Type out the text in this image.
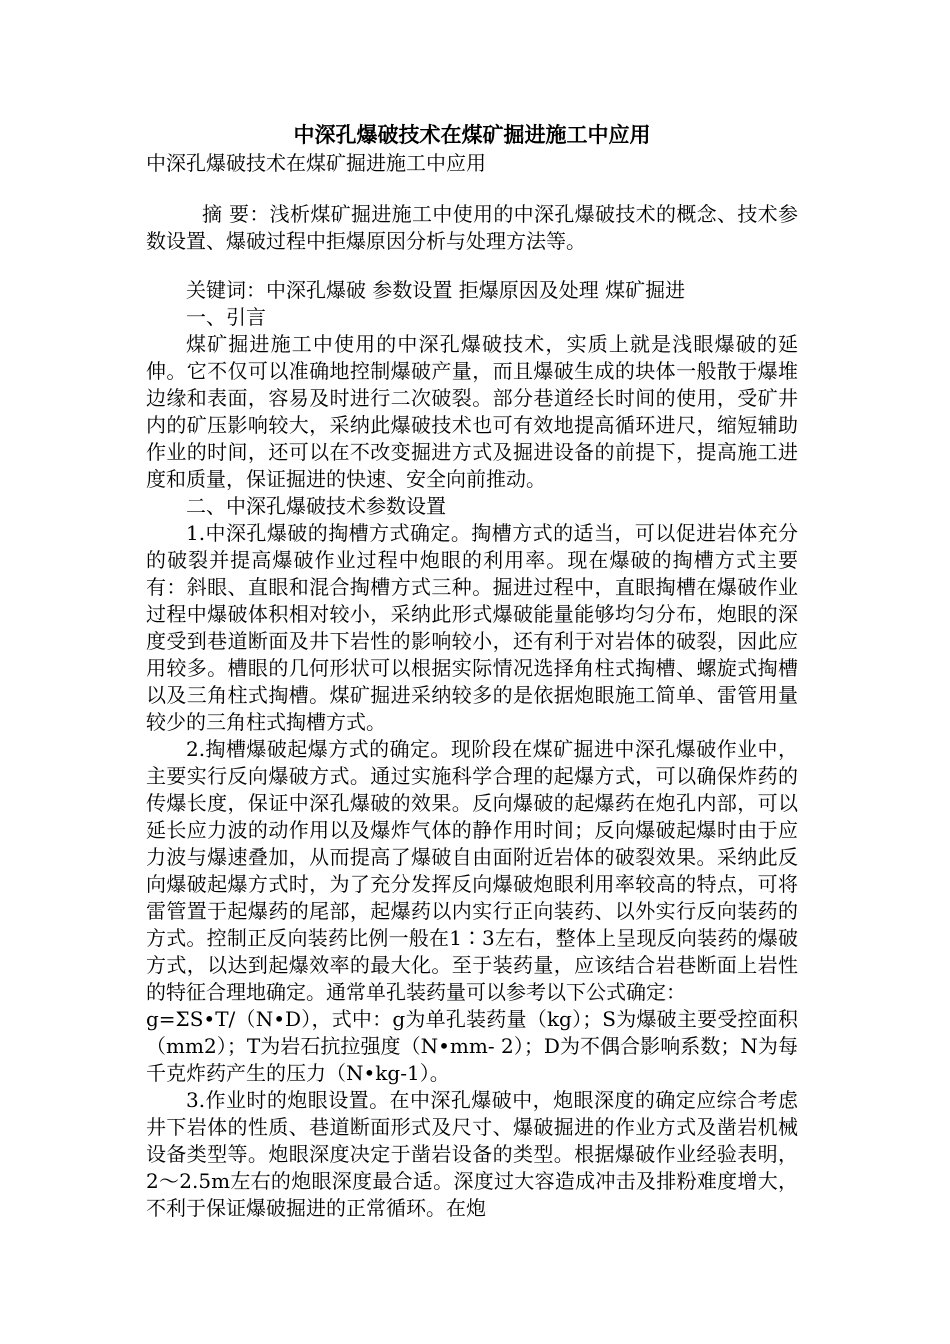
中深孔爆破技术在煤矿掘进施工中应用

中深孔爆破技术在煤矿掘进施工中应用

摘 要：浅析煤矿掘进施工中使用的中深孔爆破技术的概念、技术参数设置、爆破过程中拒爆原因分析与处理方法等。

关键词：中深孔爆破 参数设置 拒爆原因及处理 煤矿掘进

一、引言

煤矿掘进施工中使用的中深孔爆破技术，实质上就是浅眼爆破的延伸。它不仅可以准确地控制爆破产量，而且爆破生成的块体一般散于爆堆边缘和表面，容易及时进行二次破裂。部分巷道经长时间的使用，受矿井内的矿压影响较大，采纳此爆破技术也可有效地提高循环进尺，缩短辅助作业的时间，还可以在不改变掘进方式及掘进设备的前提下，提高施工进度和质量，保证掘进的快速、安全向前推动。

二、中深孔爆破技术参数设置

1.中深孔爆破的掏槽方式确定。掏槽方式的适当，可以促进岩体充分的破裂并提高爆破作业过程中炮眼的利用率。现在爆破的掏槽方式主要有：斜眼、直眼和混合掏槽方式三种。掘进过程中，直眼掏槽在爆破作业过程中爆破体积相对较小，采纳此形式爆破能量能够均匀分布，炮眼的深度受到巷道断面及井下岩性的影响较小，还有利于对岩体的破裂，因此应用较多。槽眼的几何形状可以根据实际情况选择角柱式掏槽、螺旋式掏槽以及三角柱式掏槽。煤矿掘进采纳较多的是依据炮眼施工简单、雷管用量较少的三角柱式掏槽方式。

2.掏槽爆破起爆方式的确定。现阶段在煤矿掘进中深孔爆破作业中，主要实行反向爆破方式。通过实施科学合理的起爆方式，可以确保炸药的传爆长度，保证中深孔爆破的效果。反向爆破的起爆药在炮孔内部，可以延长应力波的动作用以及爆炸气体的静作用时间；反向爆破起爆时由于应力波与爆速叠加，从而提高了爆破自由面附近岩体的破裂效果。采纳此反向爆破起爆方式时，为了充分发挥反向爆破炮眼利用率较高的特点，可将雷管置于起爆药的尾部，起爆药以内实行正向装药、以外实行反向装药的方式。控制正反向装药比例一般在1∶3左右，整体上呈现反向装药的爆破方式，以达到起爆效率的最大化。至于装药量，应该结合岩巷断面上岩性的特征合理地确定。通常单孔装药量可以参考以下公式确定：

g=ΣS•T/（N•D），式中：g为单孔装药量（kg）；S为爆破主要受控面积（mm2）；T为岩石抗拉强度（N•mm- 2）；D为不偶合影响系数；N为每千克炸药产生的压力（N•kg-1）。

3.作业时的炮眼设置。在中深孔爆破中，炮眼深度的确定应综合考虑井下岩体的性质、巷道断面形式及尺寸、爆破掘进的作业方式及凿岩机械设备类型等。炮眼深度决定于凿岩设备的类型。根据爆破作业经验表明，2～2.5m左右的炮眼深度最合适。深度过大容造成冲击及排粉难度增大，不利于保证爆破掘进的正常循环。在炮
